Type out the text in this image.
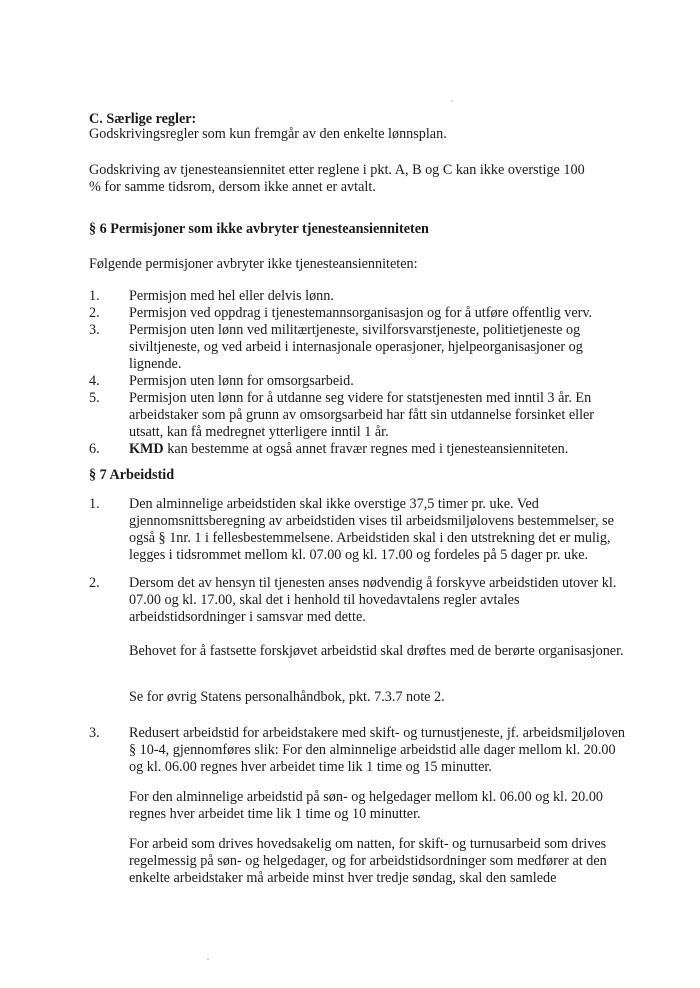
C. Særlige regler:

Godskrivingsregler som kun fremgår av den enkelte lønnsplan.

Godskriving av tjenesteansiennitet etter reglene i pkt. A, B og C kan ikke overstige 100 % for samme tidsrom, dersom ikke annet er avtalt.

§ 6 Permisjoner som ikke avbryter tjenesteansienniteten

Følgende permisjoner avbryter ikke tjenesteansienniteten:

1. Permisjon med hel eller delvis lønn.
2. Permisjon ved oppdrag i tjenestemannsorganisasjon og for å utføre offentlig verv.
3. Permisjon uten lønn ved militærtjeneste, sivilforsvarstjeneste, politietjeneste og siviltjeneste, og ved arbeid i internasjonale operasjoner, hjelpeorganisasjoner og lignende.
4. Permisjon uten lønn for omsorgsarbeid.
5. Permisjon uten lønn for å utdanne seg videre for statstjenesten med inntil 3 år. En arbeidstaker som på grunn av omsorgsarbeid har fått sin utdannelse forsinket eller utsatt, kan få medregnet ytterligere inntil 1 år.
6. KMD kan bestemme at også annet fravær regnes med i tjenesteansienniteten.

§ 7 Arbeidstid

1. Den alminnelige arbeidstiden skal ikke overstige 37,5 timer pr. uke. Ved gjennomsnittsberegning av arbeidstiden vises til arbeidsmiljølovens bestemmelser, se også § 1nr. 1 i fellesbestemmelsene. Arbeidstiden skal i den utstrekning det er mulig, legges i tidsrommet mellom kl. 07.00 og kl. 17.00 og fordeles på 5 dager pr. uke.

2. Dersom det av hensyn til tjenesten anses nødvendig å forskyve arbeidstiden utover kl. 07.00 og kl. 17.00, skal det i henhold til hovedavtalens regler avtales arbeidstidsordninger i samsvar med dette.

Behovet for å fastsette forskjøvet arbeidstid skal drøftes med de berørte organisasjoner.

Se for øvrig Statens personalhåndbok, pkt. 7.3.7 note 2.

3. Redusert arbeidstid for arbeidstakere med skift- og turnustjeneste, jf. arbeidsmiljøloven § 10-4, gjennomføres slik: For den alminnelige arbeidstid alle dager mellom kl. 20.00 og kl. 06.00 regnes hver arbeidet time lik 1 time og 15 minutter.

For den alminnelige arbeidstid på søn- og helgedager mellom kl. 06.00 og kl. 20.00 regnes hver arbeidet time lik 1 time og 10 minutter.

For arbeid som drives hovedsakelig om natten, for skift- og turnusarbeid som drives regelmessig på søn- og helgedager, og for arbeidstidsordninger som medfører at den enkelte arbeidstaker må arbeide minst hver tredje søndag, skal den samlede
